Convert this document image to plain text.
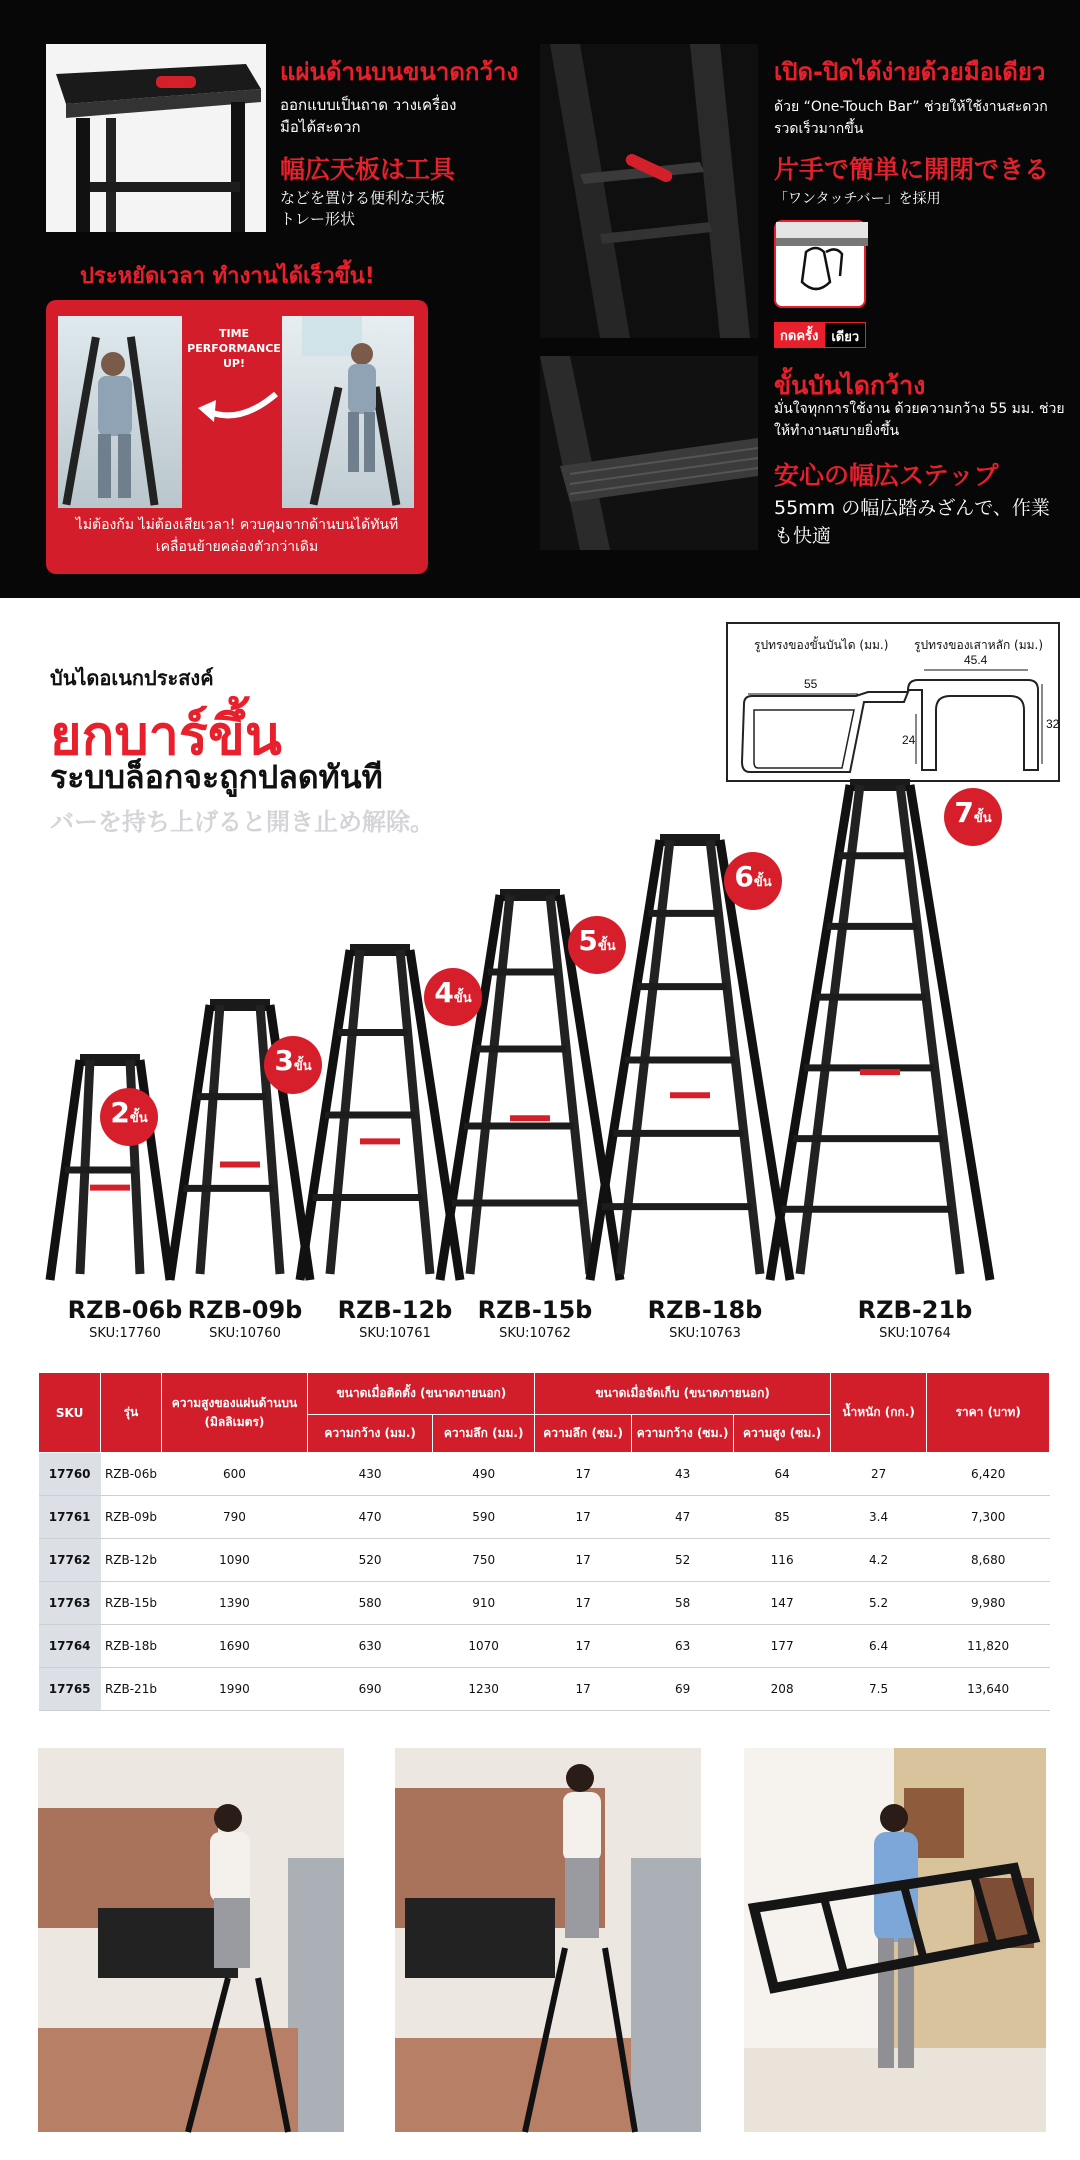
แผ่นด้านบนขนาดกว้าง
ออกแบบเป็นถาด วางเครื่องมือได้สะดวก
幅広天板は工具
などを置ける便利な天板トレー形状
ประหยัดเวลา ทำงานได้เร็วขึ้น!
TIME PERFORMANCE UP!
ไม่ต้องก้ม ไม่ต้องเสียเวลา! ควบคุมจากด้านบนได้ทันที เคลื่อนย้ายคล่องตัวกว่าเดิม
เปิด-ปิดได้ง่ายด้วยมือเดียว
ด้วย “One-Touch Bar” ช่วยให้ใช้งานสะดวก รวดเร็วมากขึ้น
片手で簡単に開閉できる
「ワンタッチバー」を採用
กดครั้ง	เดียว
ขั้นบันไดกว้าง
มั่นใจทุกการใช้งาน ด้วยความกว้าง 55 มม. ช่วยให้ทำงานสบายยิ่งขึ้น
安心の幅広ステップ
55mm の幅広踏みざんで、作業も快適
บันไดอเนกประสงค์
ยกบาร์ขึ้น
ระบบล็อกจะถูกปลดทันที
バーを持ち上げると開き止め解除。
รูปทรงของขั้นบันได (มม.) รูปทรงของเสาหลัก (มม.)
55
45.4
24
32
SKU	รุ่น	ความสูงของแผ่นด้านบน (มิลลิเมตร)	ขนาดเมื่อติดตั้ง (ขนาดภายนอก)		ขนาดเมื่อจัดเก็บ (ขนาดภายนอก)			น้ำหนัก (กก.)	ราคา (บาท)
			ความกว้าง (มม.)	ความลึก (มม.)	ความลึก (ซม.)	ความกว้าง (ซม.)	ความสูง (ซม.)		
17760	RZB-06b	600	430	490	17	43	64	27	6,420
17761	RZB-09b	790	470	590	17	47	85	3.4	7,300
17762	RZB-12b	1090	520	750	17	52	116	4.2	8,680
17763	RZB-15b	1390	580	910	17	58	147	5.2	9,980
17764	RZB-18b	1690	630	1070	17	63	177	6.4	11,820
17765	RZB-21b	1990	690	1230	17	69	208	7.5	13,640
2 ขั้น
RZB-06b
SKU:17760
3 ขั้น
RZB-09b
SKU:10760
4 ขั้น
RZB-12b
SKU:10761
5 ขั้น
RZB-15b
SKU:10762
6 ขั้น
RZB-18b
SKU:10763
7 ขั้น
RZB-21b
SKU:10764
